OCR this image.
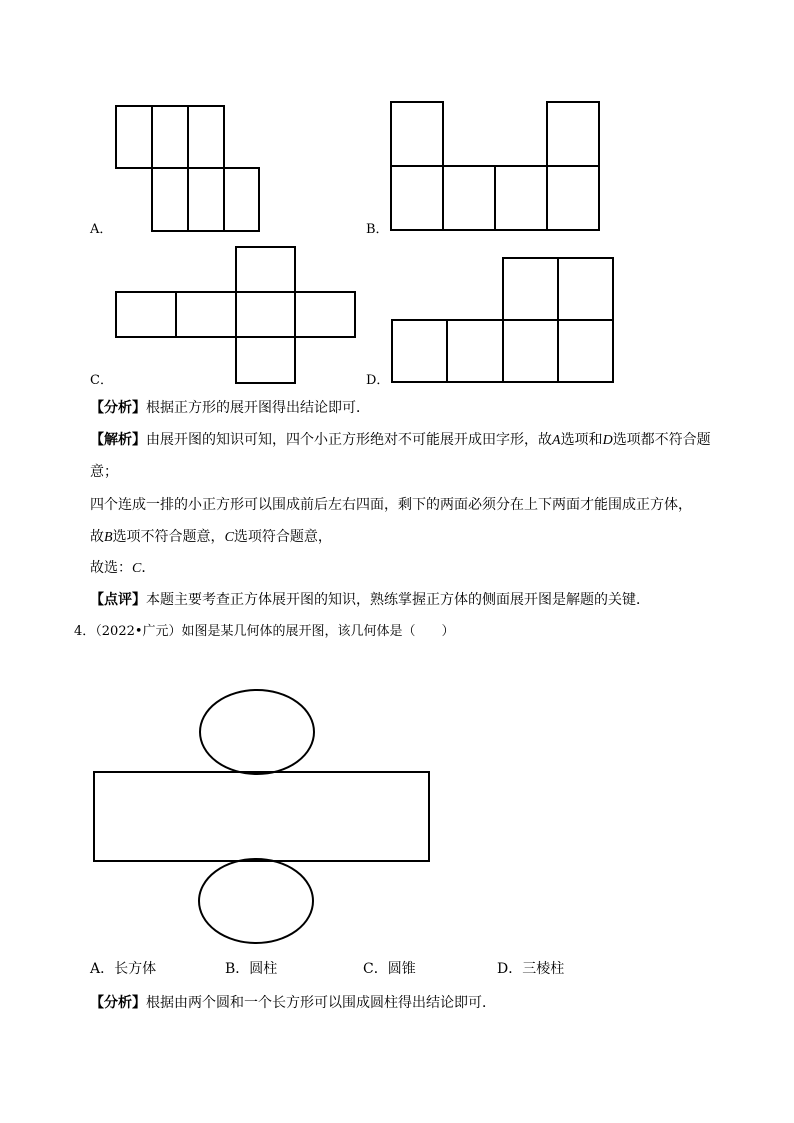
A．	B．
C．	D．
【分析】根据正方形的展开图得出结论即可．
【解析】由展开图的知识可知，四个小正方形绝对不可能展开成田字形，故A选项和D选项都不符合题
意；
四个连成一排的小正方形可以围成前后左右四面，剩下的两面必须分在上下两面才能围成正方体，
故B选项不符合题意，C选项符合题意，
故选：C．
【点评】本题主要考查正方体展开图的知识，熟练掌握正方体的侧面展开图是解题的关键．
4．（2022•广元）如图是某几何体的展开图，该几何体是（　　）
A．长方体	B．圆柱	C．圆锥	D．三棱柱
【分析】根据由两个圆和一个长方形可以围成圆柱得出结论即可．
